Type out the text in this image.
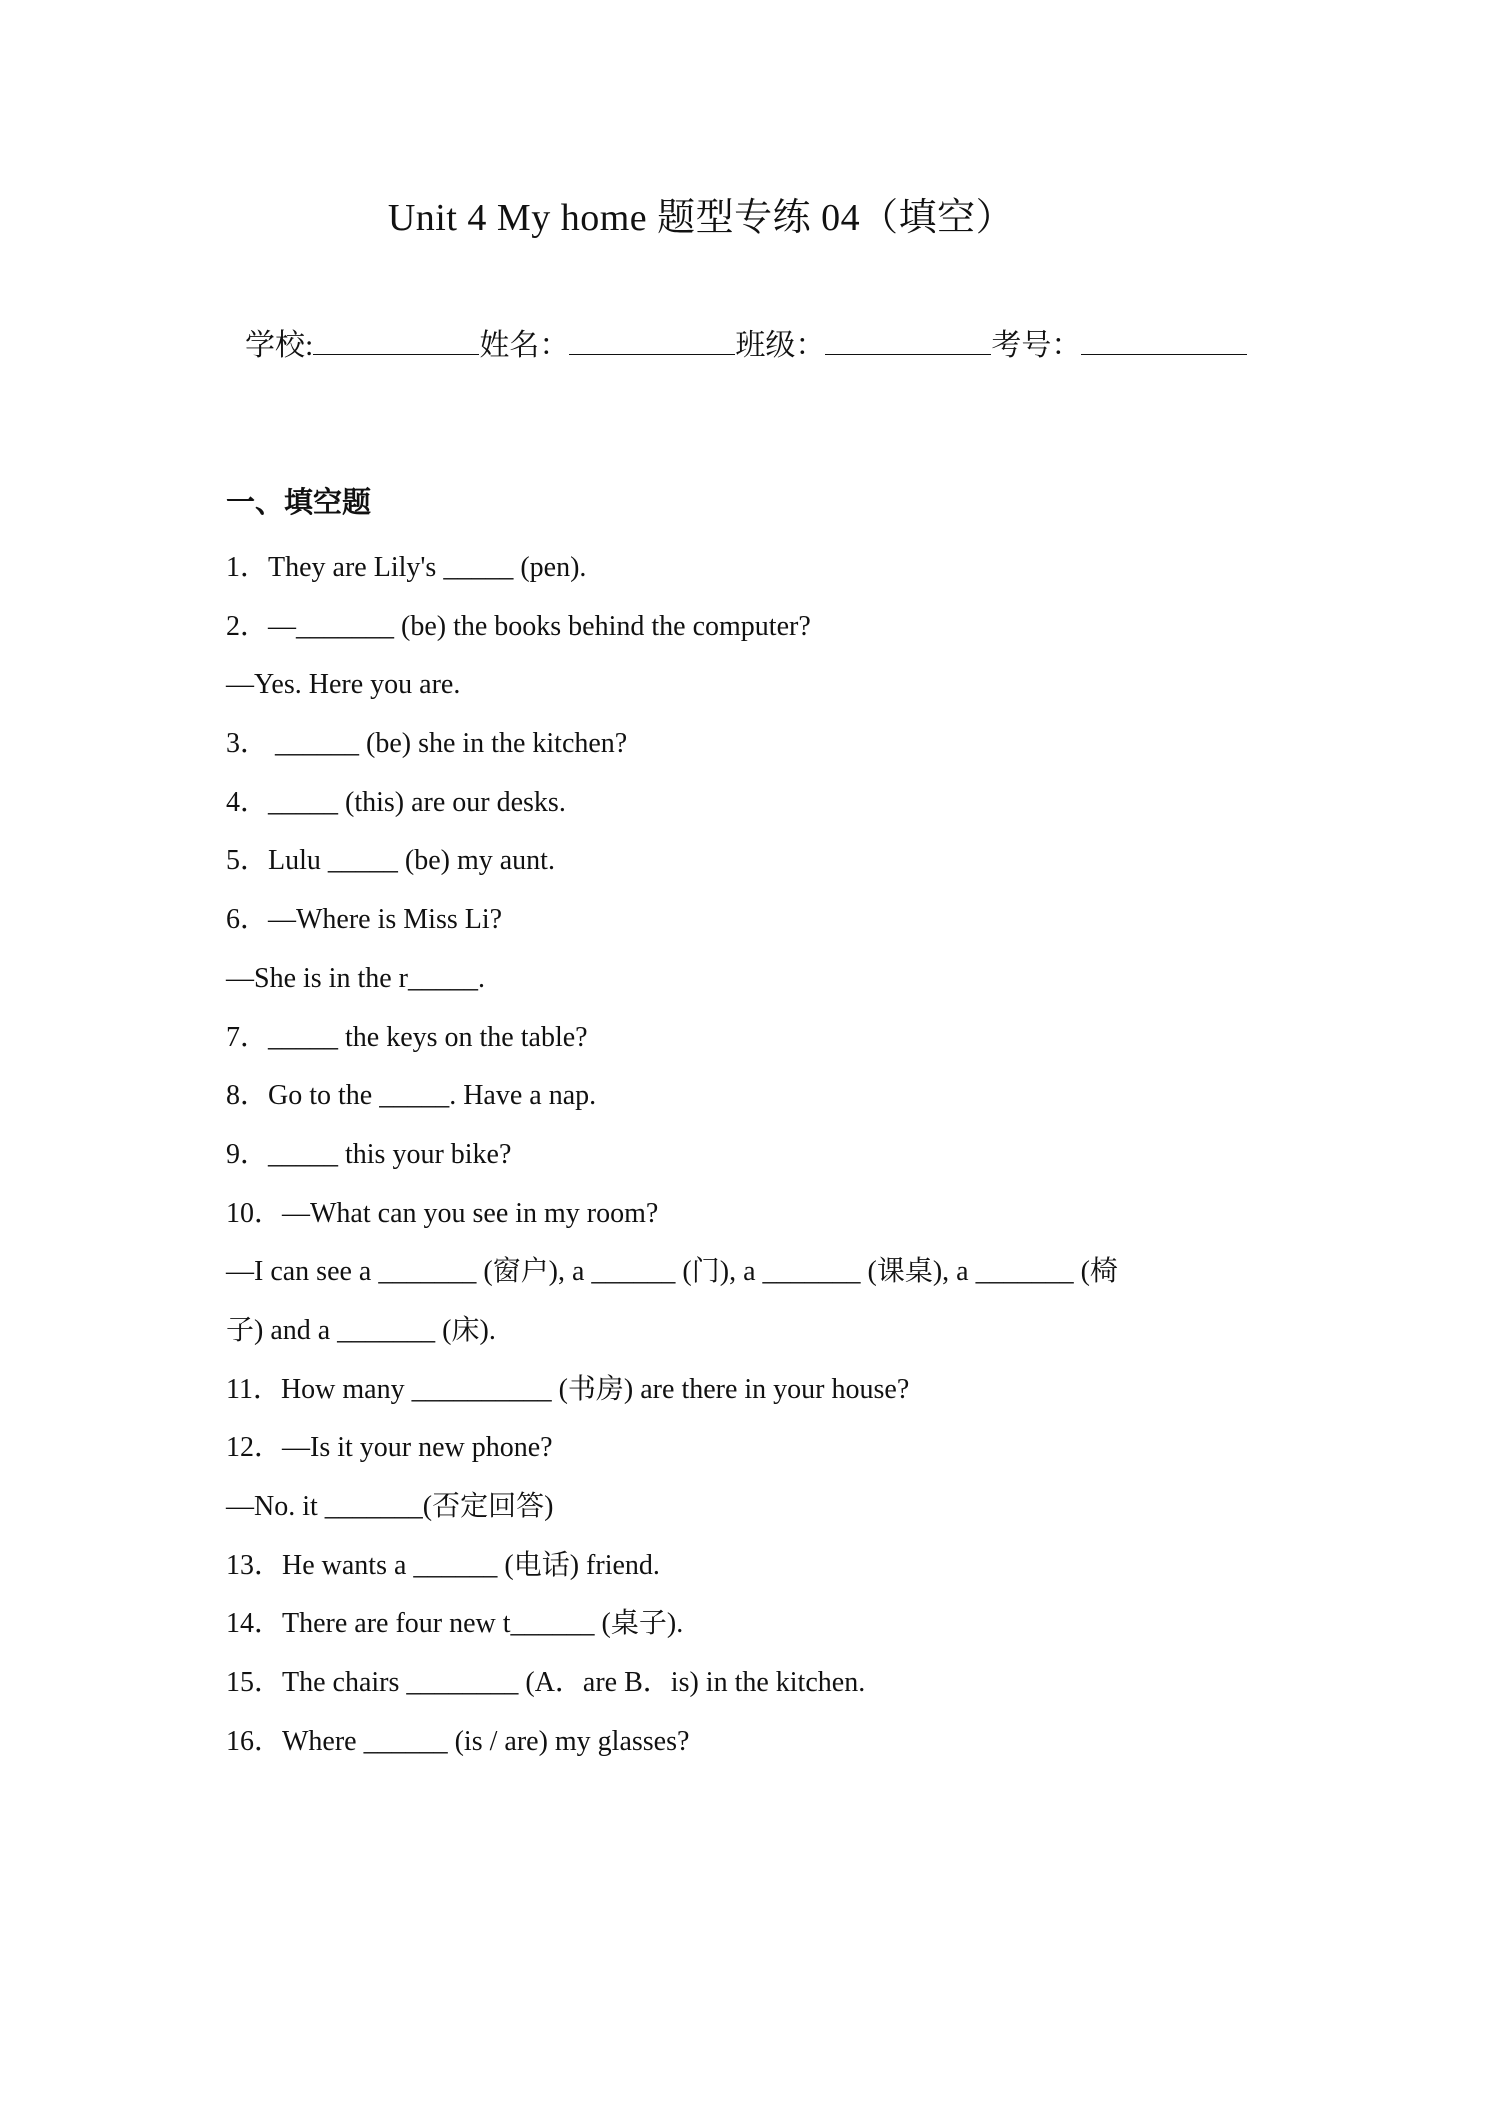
Unit 4 My home 题型专练 04（填空）
学校:	姓名：	班级：	考号：
一、填空题
1．They are Lily's _____ (pen).
2．—_______ (be) the books behind the computer?
—Yes. Here you are.
3． ______ (be) she in the kitchen?
4．_____ (this) are our desks.
5．Lulu _____ (be) my aunt.
6．—Where is Miss Li?
—She is in the r_____.
7．_____ the keys on the table?
8．Go to the _____. Have a nap.
9．_____ this your bike?
10．—What can you see in my room?
—I can see a _______ (窗户), a ______ (门), a _______ (课桌), a _______ (椅
子) and a _______ (床).
11．How many __________ (书房) are there in your house?
12．—Is it your new phone?
—No. it _______(否定回答)
13．He wants a ______ (电话) friend.
14．There are four new t______ (桌子).
15．The chairs ________ (A．are B．is) in the kitchen.
16．Where ______ (is / are) my glasses?
